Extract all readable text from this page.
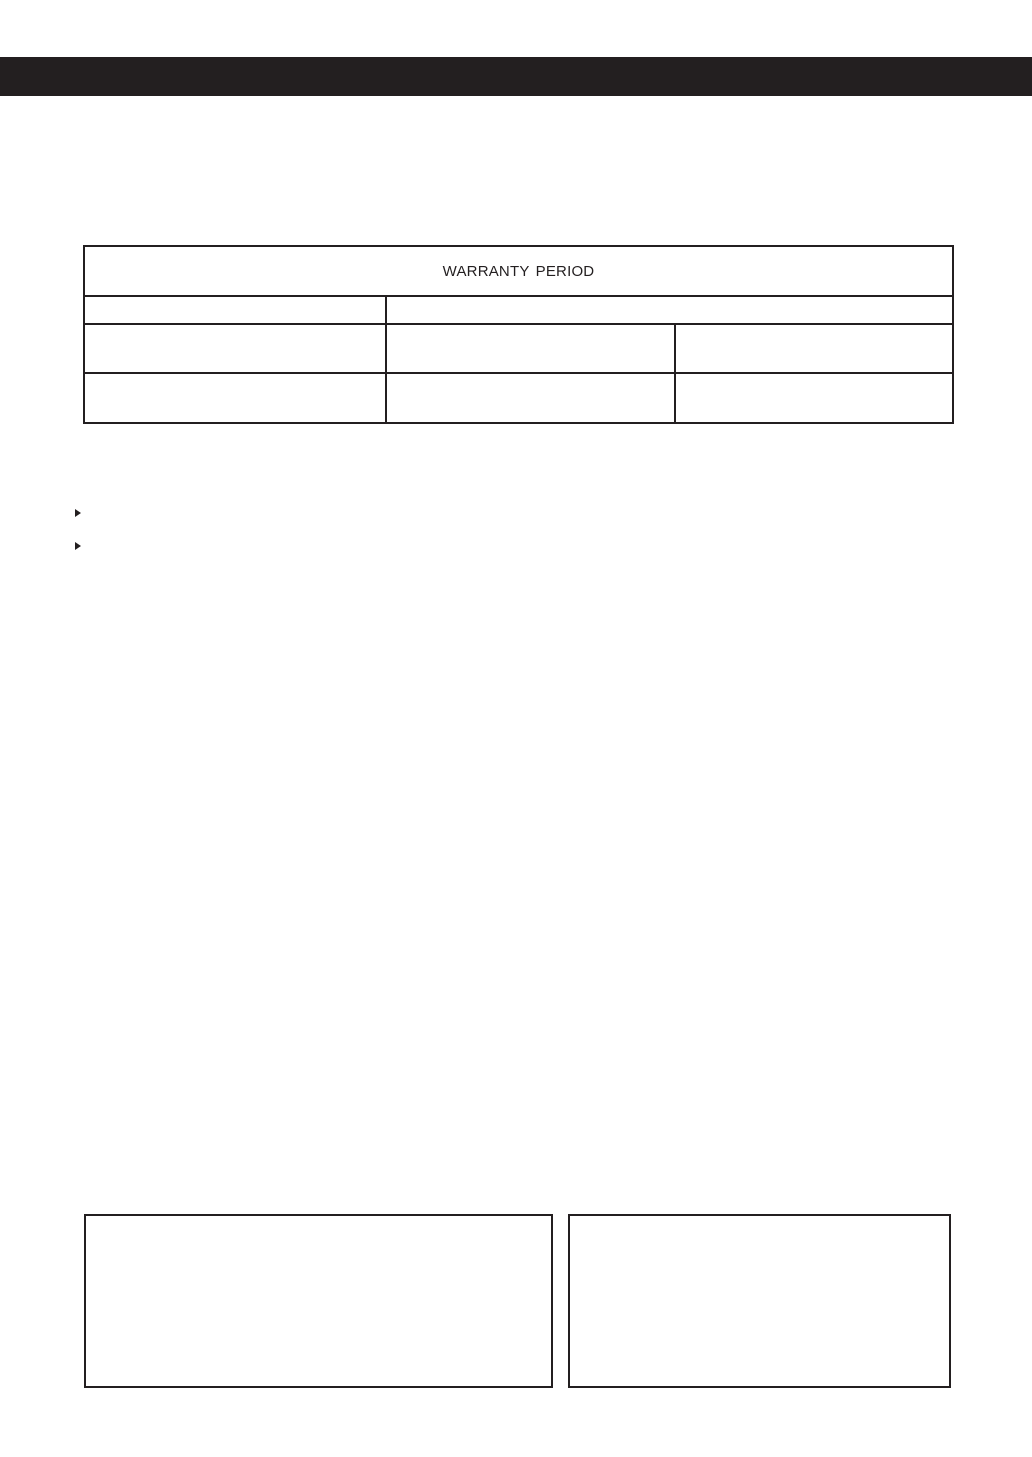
WARRANTY PERIOD
